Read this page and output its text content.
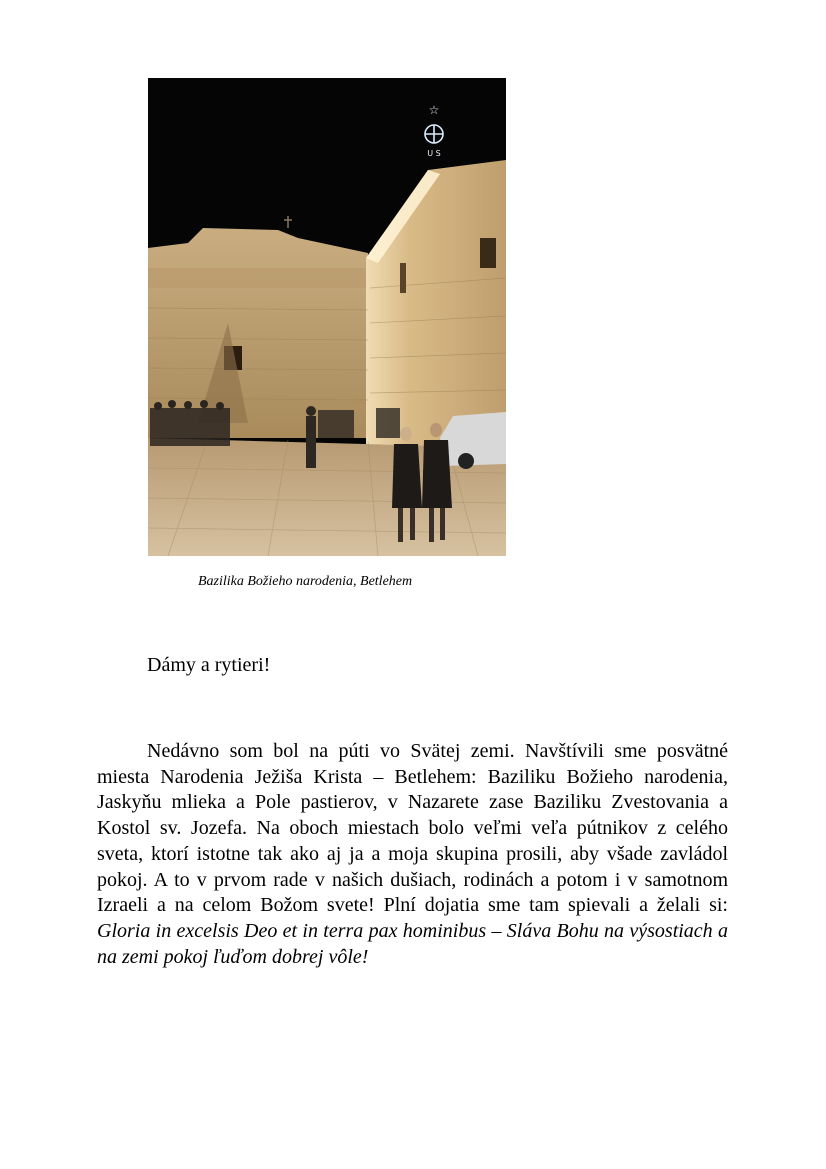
☆
U S
Bazilika Božieho narodenia, Betlehem
Dámy a rytieri!

Nedávno som bol na púti vo Svätej zemi. Navštívili sme posvätné miesta Narodenia Ježiša Krista – Betlehem: Baziliku Božieho narodenia, Jaskyňu mlieka a Pole pastierov, v Nazarete zase Baziliku Zvestovania a Kostol sv. Jozefa. Na oboch miestach bolo veľmi veľa pútnikov z celého sveta, ktorí istotne tak ako aj ja a moja skupina prosili, aby všade zavládol pokoj. A to v prvom rade v našich dušiach, rodinách a potom i v samotnom Izraeli a na celom Božom svete! Plní dojatia sme tam spievali a želali si: Gloria in excelsis Deo et in terra pax hominibus – Sláva Bohu na výsostiach a na zemi pokoj ľuďom dobrej vôle!
